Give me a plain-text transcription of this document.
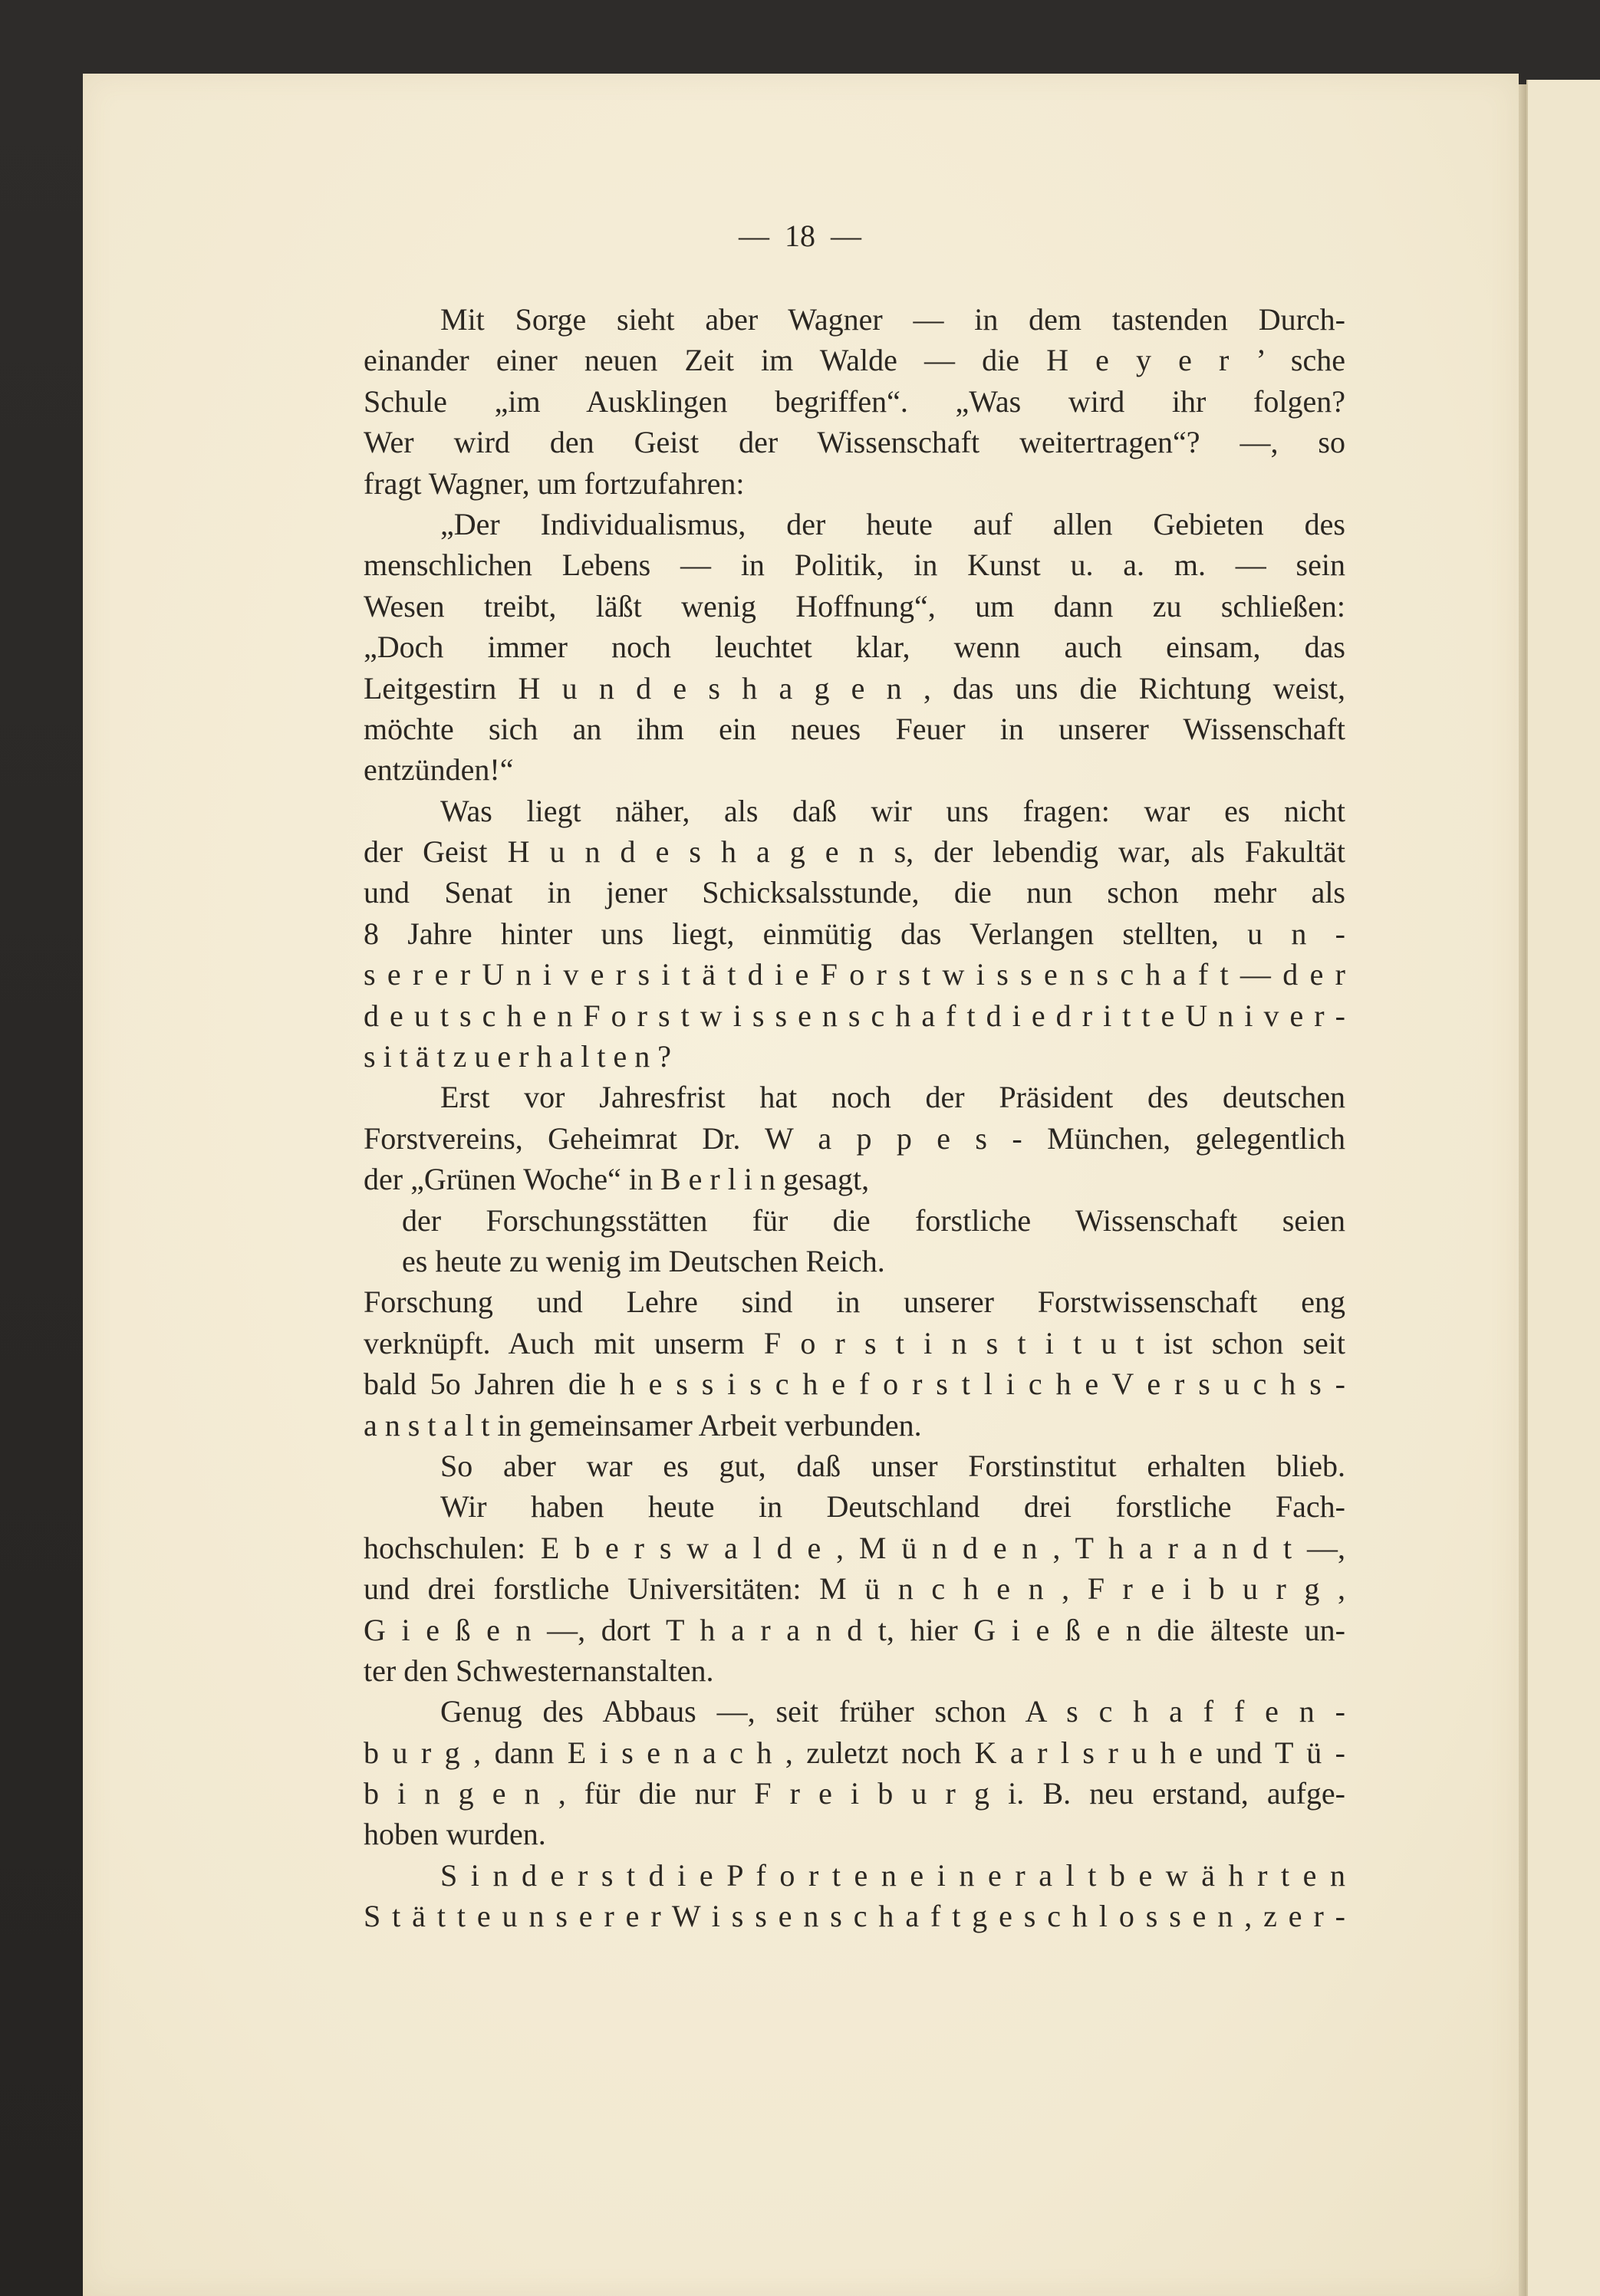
—  18  —
Mit Sorge sieht aber Wagner — in dem tastenden Durch-
einander einer neuen Zeit im Walde — die H e y e r ’ sche
Schule „im Ausklingen begriffen“. „Was wird ihr folgen?
Wer wird den Geist der Wissenschaft weitertragen“? —, so
fragt Wagner, um fortzufahren:
„Der Individualismus, der heute auf allen Gebieten des
menschlichen Lebens — in Politik, in Kunst u. a. m. — sein
Wesen treibt, läßt wenig Hoffnung“, um dann zu schließen:
„Doch immer noch leuchtet klar, wenn auch einsam, das
Leitgestirn H u n d e s h a g e n , das uns die Richtung weist,
möchte sich an ihm ein neues Feuer in unserer Wissenschaft
entzünden!“
Was liegt näher, als daß wir uns fragen: war es nicht
der Geist H u n d e s h a g e n s, der lebendig war, als Fakultät
und Senat in jener Schicksalsstunde, die nun schon mehr als
8 Jahre hinter uns liegt, einmütig das Verlangen stellten, u n -
s e r e r U n i v e r s i t ä t d i e F o r s t w i s s e n s c h a f t — d e r
d e u t s c h e n F o r s t w i s s e n s c h a f t d i e d r i t t e U n i v e r -
s i t ä t z u e r h a l t e n ?
Erst vor Jahresfrist hat noch der Präsident des deutschen
Forstvereins, Geheimrat Dr. W a p p e s - München, gelegentlich
der „Grünen Woche“ in B e r l i n gesagt,
der Forschungsstätten für die forstliche Wissenschaft seien
es heute zu wenig im Deutschen Reich.
Forschung und Lehre sind in unserer Forstwissenschaft eng
verknüpft. Auch mit unserm F o r s t i n s t i t u t ist schon seit
bald 5o Jahren die h e s s i s c h e f o r s t l i c h e V e r s u c h s -
a n s t a l t in gemeinsamer Arbeit verbunden.
So aber war es gut, daß unser Forstinstitut erhalten blieb.
Wir haben heute in Deutschland drei forstliche Fach-
hochschulen: E b e r s w a l d e , M ü n d e n , T h a r a n d t —,
und drei forstliche Universitäten: M ü n c h e n , F r e i b u r g ,
G i e ß e n —, dort T h a r a n d t, hier G i e ß e n die älteste un-
ter den Schwesternanstalten.
Genug des Abbaus —, seit früher schon A s c h a f f e n -
b u r g , dann E i s e n a c h , zuletzt noch K a r l s r u h e und T ü -
b i n g e n , für die nur F r e i b u r g i. B. neu erstand, aufge-
hoben wurden.
S i n d e r s t d i e P f o r t e n e i n e r a l t b e w ä h r t e n
S t ä t t e u n s e r e r W i s s e n s c h a f t g e s c h l o s s e n , z e r -
